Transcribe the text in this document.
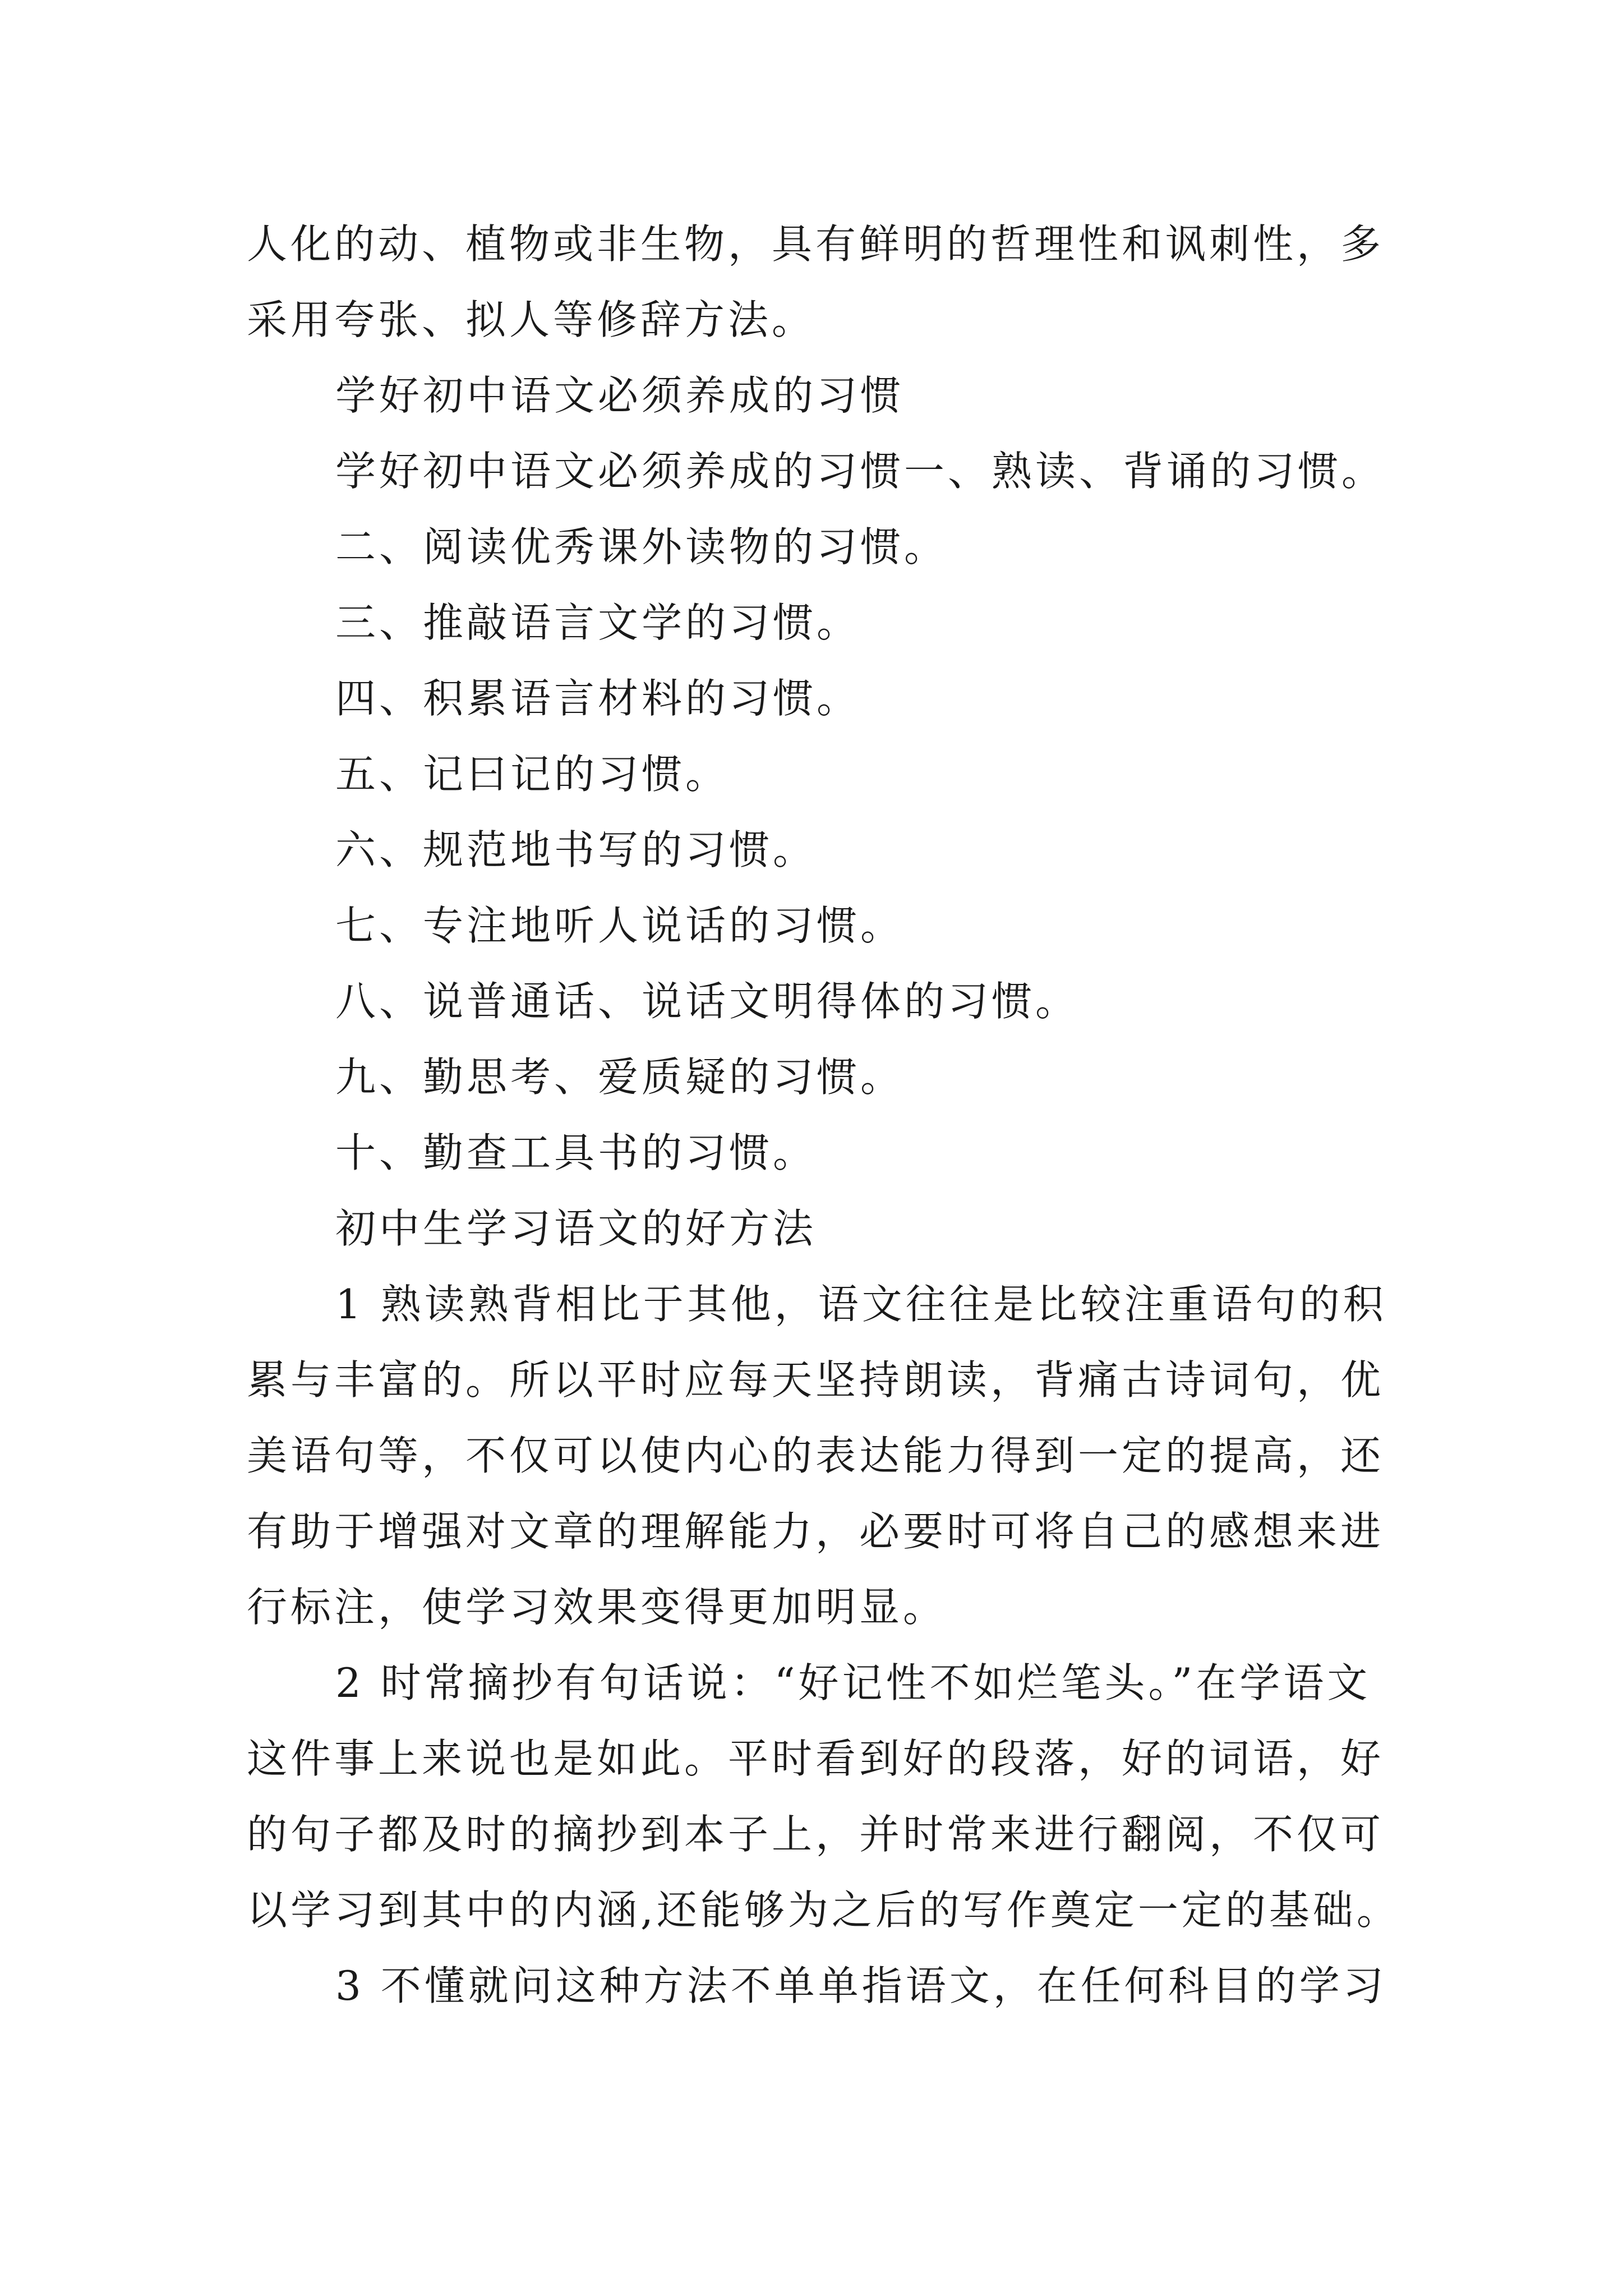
人化的动、植物或非生物，具有鲜明的哲理性和讽刺性，多
采用夸张、拟人等修辞方法。
学好初中语文必须养成的习惯
学好初中语文必须养成的习惯一、熟读、背诵的习惯。
二、阅读优秀课外读物的习惯。
三、推敲语言文学的习惯。
四、积累语言材料的习惯。
五、记曰记的习惯。
六、规范地书写的习惯。
七、专注地听人说话的习惯。
八、说普通话、说话文明得体的习惯。
九、勤思考、爱质疑的习惯。
十、勤查工具书的习惯。
初中生学习语文的好方法
1 熟读熟背相比于其他，语文往往是比较注重语句的积
累与丰富的。所以平时应每天坚持朗读，背痛古诗词句，优
美语句等，不仅可以使内心的表达能力得到一定的提高，还
有助于增强对文章的理解能力，必要时可将自己的感想来进
行标注，使学习效果变得更加明显。
2 时常摘抄有句话说：“好记性不如烂笔头。”在学语文
这件事上来说也是如此。平时看到好的段落，好的词语，好
的句子都及时的摘抄到本子上，并时常来进行翻阅，不仅可
以学习到其中的内涵,还能够为之后的写作奠定一定的基础。
3 不懂就问这种方法不单单指语文，在任何科目的学习
